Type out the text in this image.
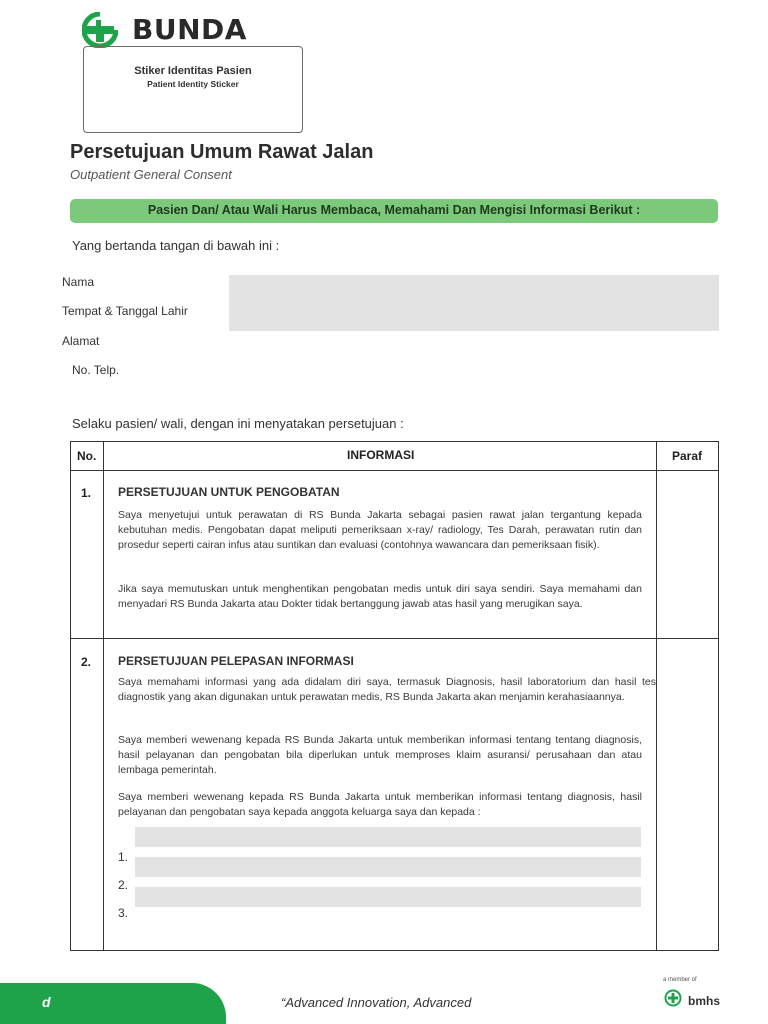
BUNDA
Stiker Identitas Pasien
Patient Identity Sticker
Persetujuan Umum Rawat Jalan
Outpatient General Consent
Pasien Dan/ Atau Wali Harus Membaca, Memahami Dan Mengisi Informasi Berikut :
Yang bertanda tangan di bawah ini :
Nama
Tempat & Tanggal Lahir
Alamat
No. Telp.
Selaku pasien/ wali, dengan ini menyatakan persetujuan :
No.	INFORMASI	Paraf
1. PERSETUJUAN UNTUK PENGOBATAN
Saya menyetujui untuk perawatan di RS Bunda Jakarta sebagai pasien rawat jalan tergantung kepada kebutuhan medis. Pengobatan dapat meliputi pemeriksaan x-ray/ radiology, Tes Darah, perawatan rutin dan prosedur seperti cairan infus atau suntikan dan evaluasi (contohnya wawancara dan pemeriksaan fisik).
Jika saya memutuskan untuk menghentikan pengobatan medis untuk diri saya sendiri. Saya memahami dan menyadari RS Bunda Jakarta atau Dokter tidak bertanggung jawab atas hasil yang merugikan saya.
2. PERSETUJUAN PELEPASAN INFORMASI
Saya memahami informasi yang ada didalam diri saya, termasuk Diagnosis, hasil laboratorium dan hasil tes diagnostik yang akan digunakan untuk perawatan medis, RS Bunda Jakarta akan menjamin kerahasiaannya.
Saya memberi wewenang kepada RS Bunda Jakarta untuk memberikan informasi tentang tentang diagnosis, hasil pelayanan dan pengobatan bila diperlukan untuk memproses klaim asuransi/ perusahaan dan atau lembaga pemerintah.
Saya memberi wewenang kepada RS Bunda Jakarta untuk memberikan informasi tentang diagnosis, hasil pelayanan dan pengobatan saya kepada anggota keluarga saya dan kepada :
1.
2.
3.
d	“Advanced Innovation, Advanced
a member of
bmhs
